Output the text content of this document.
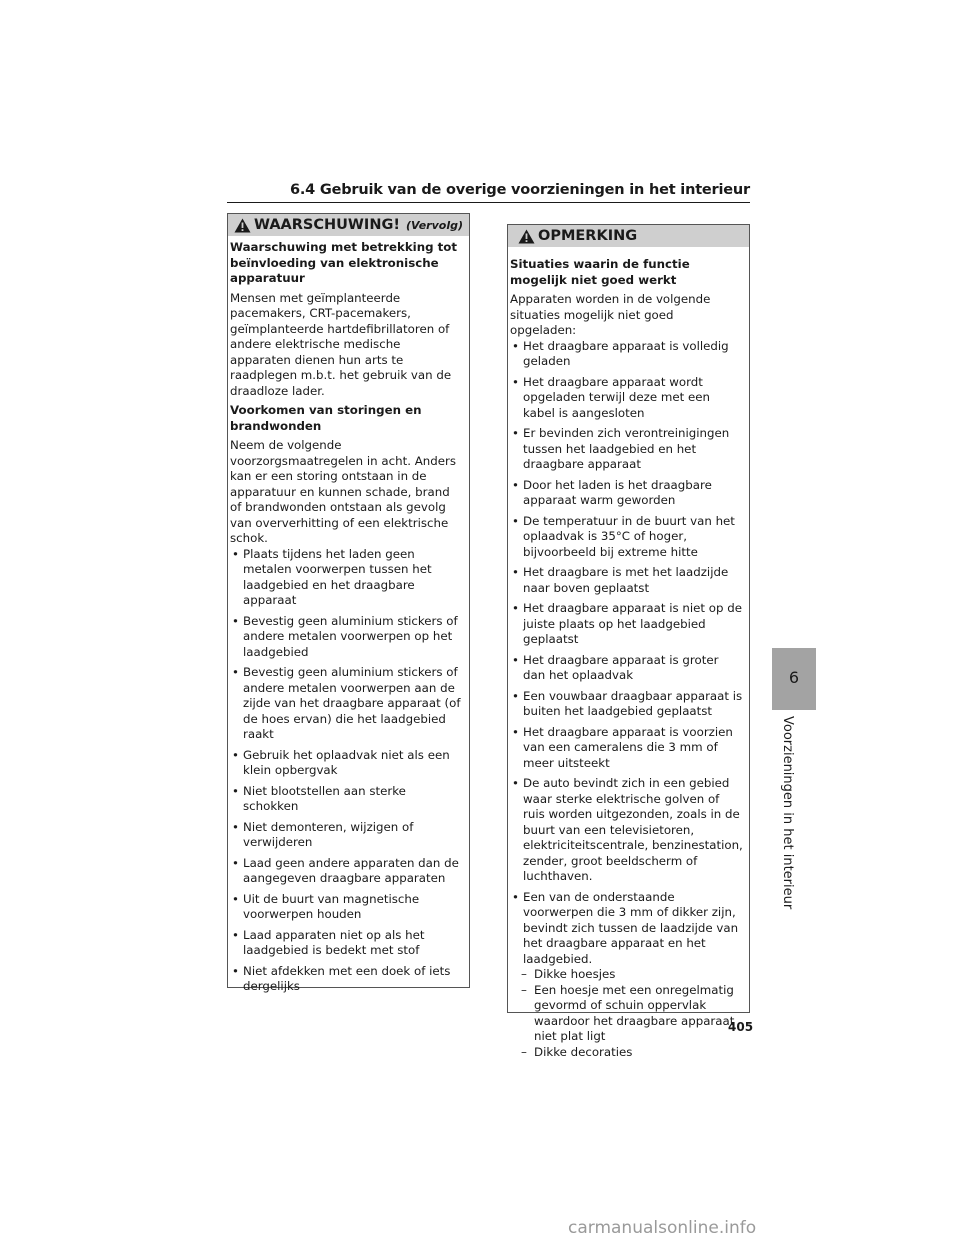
6.4 Gebruik van de overige voorzieningen in het interieur
WAARSCHUWING! (Vervolg)
Waarschuwing met betrekking tot beïnvloeding van elektronische apparatuur

Mensen met geïmplanteerde pacemakers, CRT-pacemakers, geïmplanteerde hartdefibrillatoren of andere elektrische medische apparaten dienen hun arts te raadplegen m.b.t. het gebruik van de draadloze lader.

Voorkomen van storingen en brandwonden

Neem de volgende voorzorgsmaatregelen in acht. Anders kan er een storing ontstaan in de apparatuur en kunnen schade, brand of brandwonden ontstaan als gevolg van oververhitting of een elektrische schok.

• Plaats tijdens het laden geen metalen voorwerpen tussen het laadgebied en het draagbare apparaat
• Bevestig geen aluminium stickers of andere metalen voorwerpen op het laadgebied
• Bevestig geen aluminium stickers of andere metalen voorwerpen aan de zijde van het draagbare apparaat (of de hoes ervan) die het laadgebied raakt
• Gebruik het oplaadvak niet als een klein opbergvak
• Niet blootstellen aan sterke schokken
• Niet demonteren, wijzigen of verwijderen
• Laad geen andere apparaten dan de aangegeven draagbare apparaten
• Uit de buurt van magnetische voorwerpen houden
• Laad apparaten niet op als het laadgebied is bedekt met stof
• Niet afdekken met een doek of iets dergelijks
OPMERKING
Situaties waarin de functie mogelijk niet goed werkt

Apparaten worden in de volgende situaties mogelijk niet goed opgeladen:

• Het draagbare apparaat is volledig geladen
• Het draagbare apparaat wordt opgeladen terwijl deze met een kabel is aangesloten
• Er bevinden zich verontreinigingen tussen het laadgebied en het draagbare apparaat
• Door het laden is het draagbare apparaat warm geworden
• De temperatuur in de buurt van het oplaadvak is 35°C of hoger, bijvoorbeeld bij extreme hitte
• Het draagbare is met het laadzijde naar boven geplaatst
• Het draagbare apparaat is niet op de juiste plaats op het laadgebied geplaatst
• Het draagbare apparaat is groter dan het oplaadvak
• Een vouwbaar draagbaar apparaat is buiten het laadgebied geplaatst
• Het draagbare apparaat is voorzien van een cameralens die 3 mm of meer uitsteekt
• De auto bevindt zich in een gebied waar sterke elektrische golven of ruis worden uitgezonden, zoals in de buurt van een televisietoren, elektriciteitscentrale, benzinestation, zender, groot beeldscherm of luchthaven.
• Een van de onderstaande voorwerpen die 3 mm of dikker zijn, bevindt zich tussen de laadzijde van het draagbare apparaat en het laadgebied.
– Dikke hoesjes
– Een hoesje met een onregelmatig gevormd of schuin oppervlak waardoor het draagbare apparaat niet plat ligt
– Dikke decoraties
6
Voorzieningen in het interieur
405
carmanualsonline.info
